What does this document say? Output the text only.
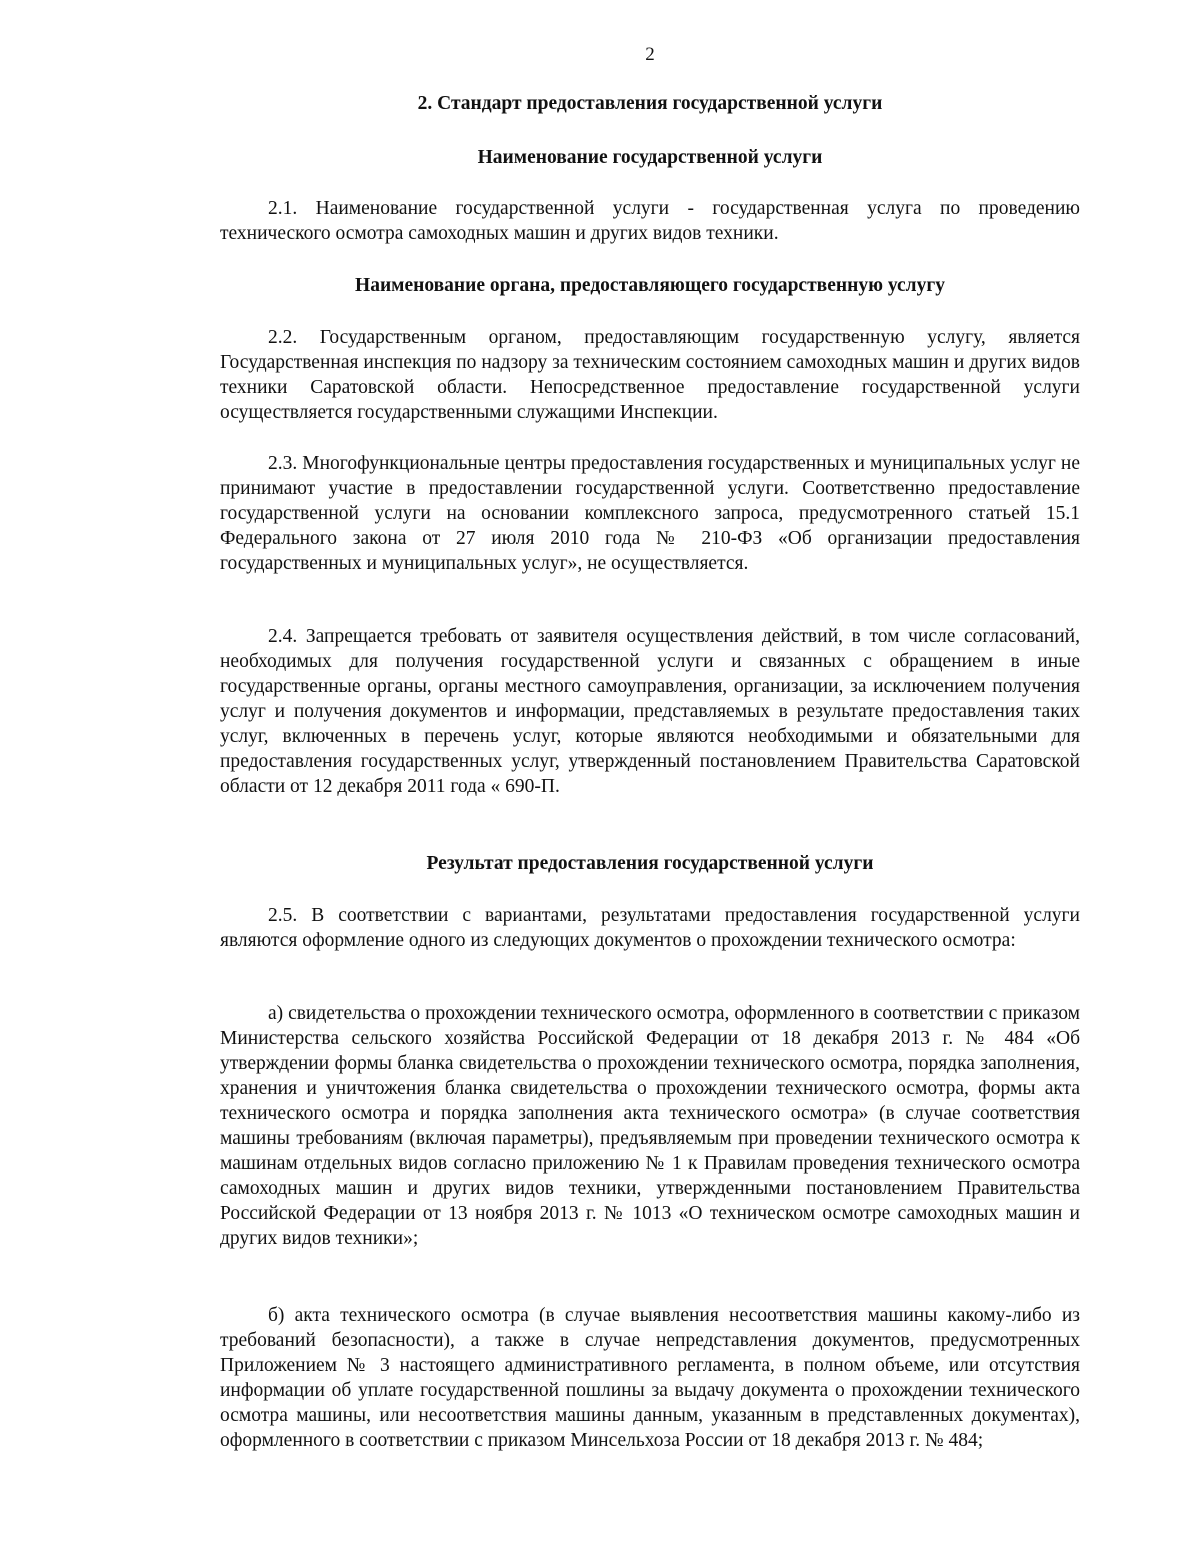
2
2. Стандарт предоставления государственной услуги
Наименование государственной услуги
2.1. Наименование государственной услуги - государственная услуга по проведению технического осмотра самоходных машин и других видов техники.
Наименование органа, предоставляющего государственную услугу
2.2. Государственным органом, предоставляющим государственную услугу, является Государственная инспекция по надзору за техническим состоянием самоходных машин и других видов техники Саратовской области. Непосредственное предоставление государственной услуги осуществляется государственными служащими Инспекции.
2.3. Многофункциональные центры предоставления государственных и муниципальных услуг не принимают участие в предоставлении государственной услуги. Соответственно предоставление государственной услуги на основании комплексного запроса, предусмотренного статьей 15.1 Федерального закона от 27 июля 2010 года № 210-ФЗ «Об организации предоставления государственных и муниципальных услуг», не осуществляется.
2.4. Запрещается требовать от заявителя осуществления действий, в том числе согласований, необходимых для получения государственной услуги и связанных с обращением в иные государственные органы, органы местного самоуправления, организации, за исключением получения услуг и получения документов и информации, представляемых в результате предоставления таких услуг, включенных в перечень услуг, которые являются необходимыми и обязательными для предоставления государственных услуг, утвержденный постановлением Правительства Саратовской области от 12 декабря 2011 года « 690-П.
Результат предоставления государственной услуги
2.5. В соответствии с вариантами, результатами предоставления государственной услуги являются оформление одного из следующих документов о прохождении технического осмотра:
а) свидетельства о прохождении технического осмотра, оформленного в соответствии с приказом Министерства сельского хозяйства Российской Федерации от 18 декабря 2013 г. № 484 «Об утверждении формы бланка свидетельства о прохождении технического осмотра, порядка заполнения, хранения и уничтожения бланка свидетельства о прохождении технического осмотра, формы акта технического осмотра и порядка заполнения акта технического осмотра» (в случае соответствия машины требованиям (включая параметры), предъявляемым при проведении технического осмотра к машинам отдельных видов согласно приложению № 1 к Правилам проведения технического осмотра самоходных машин и других видов техники, утвержденными постановлением Правительства Российской Федерации от 13 ноября 2013 г. № 1013 «О техническом осмотре самоходных машин и других видов техники»;
б) акта технического осмотра (в случае выявления несоответствия машины какому-либо из требований безопасности), а также в случае непредставления документов, предусмотренных Приложением № 3 настоящего административного регламента, в полном объеме, или отсутствия информации об уплате государственной пошлины за выдачу документа о прохождении технического осмотра машины, или несоответствия машины данным, указанным в представленных документах), оформленного в соответствии с приказом Минсельхоза России от 18 декабря 2013 г. № 484;
